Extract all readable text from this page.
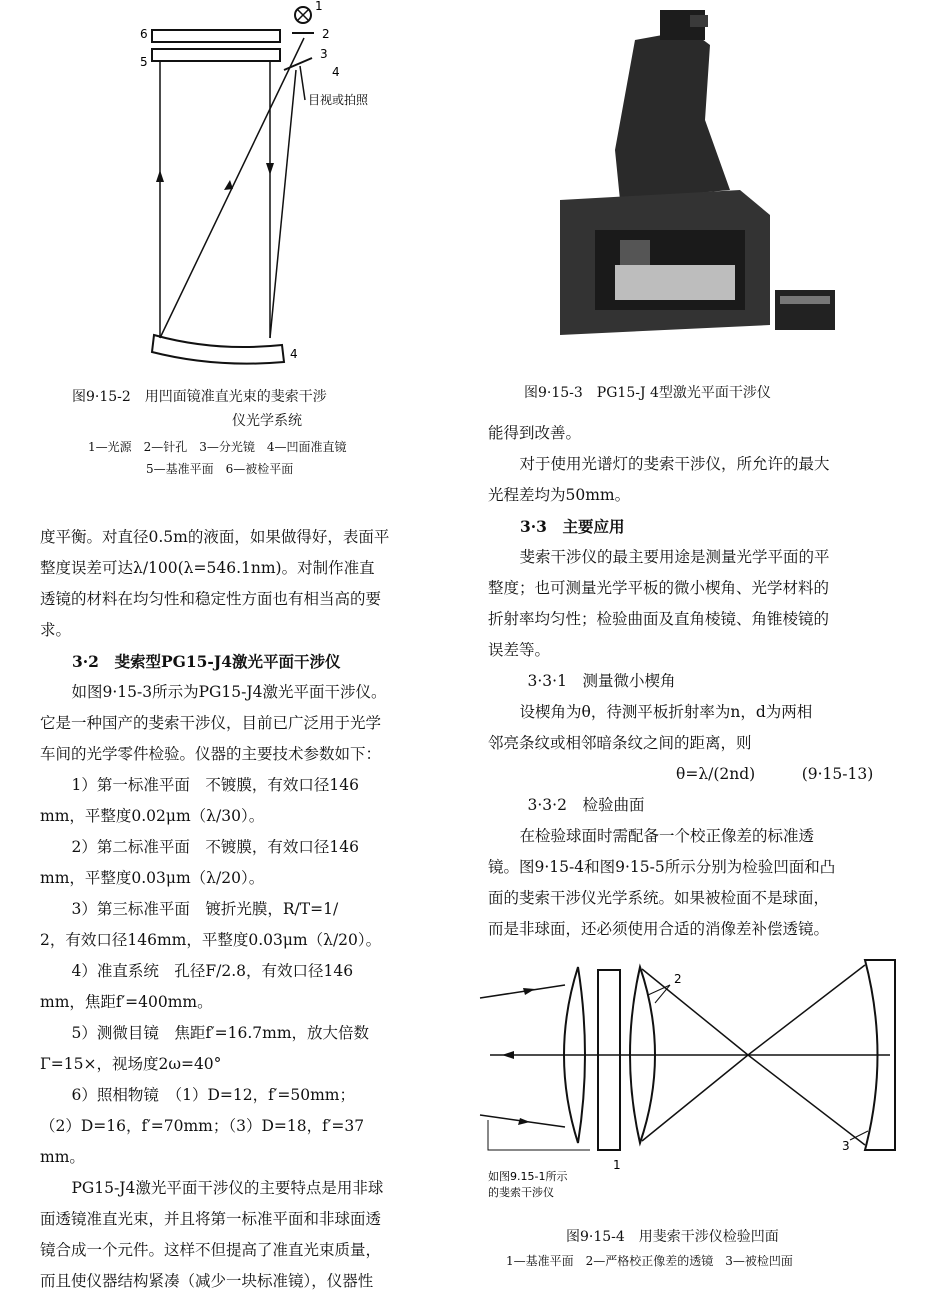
6
5
1
2
3
4
4
目视或拍照
图9·15-2　用凹面镜准直光束的斐索干涉
仪光学系统
1—光源　2—针孔　3—分光镜　4—凹面准直镜
5—基准平面　6—被检平面
图9·15-3　PG15-J 4型激光平面干涉仪
度平衡。对直径0.5m的液面，如果做得好，表面平
整度误差可达λ/100(λ=546.1nm)。对制作准直
透镜的材料在均匀性和稳定性方面也有相当高的要
求。
3·2　斐索型PG15-J4激光平面干涉仪
　如图9·15-3所示为PG15-J4激光平面干涉仪。
它是一种国产的斐索干涉仪，目前已广泛用于光学
车间的光学零件检验。仪器的主要技术参数如下：
　1）第一标准平面　不镀膜，有效口径146
mm，平整度0.02μm（λ/30）。
　2）第二标准平面　不镀膜，有效口径146
mm，平整度0.03μm（λ/20）。
　3）第三标准平面　镀折光膜，R/T=1/
2，有效口径146mm，平整度0.03μm（λ/20）。
　4）准直系统　孔径F/2.8，有效口径146
mm，焦距f′=400mm。
　5）测微目镜　焦距f′=16.7mm，放大倍数
Γ=15×，视场度2ω=40°
　6）照相物镜　（1）D=12，f′=50mm；
（2）D=16，f′=70mm；（3）D=18，f′=37
mm。
　PG15-J4激光平面干涉仪的主要特点是用非球
面透镜准直光束，并且将第一标准平面和非球面透
镜合成一个元件。这样不但提高了准直光束质量，
而且使仪器结构紧凑（减少一块标准镜），仪器性
能得到改善。
　对于使用光谱灯的斐索干涉仪，所允许的最大
光程差均为50mm。
3·3　主要应用
　斐索干涉仪的最主要用途是测量光学平面的平
整度；也可测量光学平板的微小楔角、光学材料的
折射率均匀性；检验曲面及直角棱镜、角锥棱镜的
误差等。
　3·3·1　测量微小楔角
　设楔角为θ，待测平板折射率为n，d为两相
邻亮条纹或相邻暗条纹之间的距离，则
θ=λ/(2nd)　　　(9·15-13)
　3·3·2　检验曲面
　在检验球面时需配备一个校正像差的标准透
镜。图9·15-4和图9·15-5所示分别为检验凹面和凸
面的斐索干涉仪光学系统。如果被检面不是球面，
而是非球面，还必须使用合适的消像差补偿透镜。
2
3
1
如图9.15-1所示
的斐索干涉仪
图9·15-4　用斐索干涉仪检验凹面
1—基准平面　2—严格校正像差的透镜　3—被检凹面
